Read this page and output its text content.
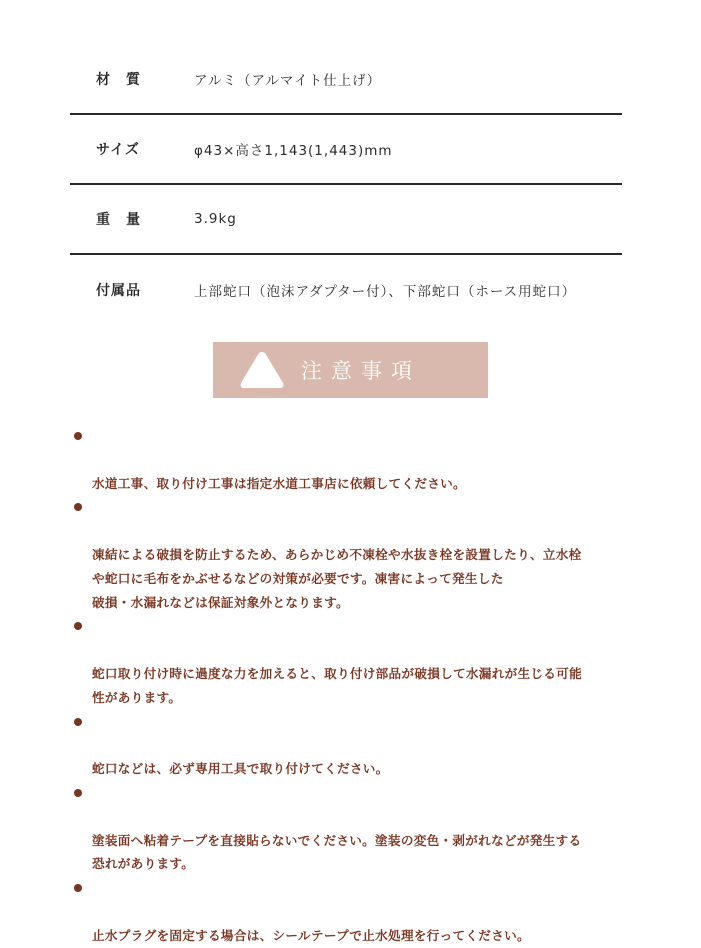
材　質	アルミ（アルマイト仕上げ）
サイズ	φ43×高さ1,143(1,443)mm
重　量	3.9kg
付属品	上部蛇口（泡沫アダプター付）、下部蛇口（ホース用蛇口）
注意事項

水道工事、取り付け工事は指定水道工事店に依頼してください。

凍結による破損を防止するため、あらかじめ不凍栓や水抜き栓を設置したり、立水栓
や蛇口に毛布をかぶせるなどの対策が必要です。凍害によって発生した
破損・水漏れなどは保証対象外となります。

蛇口取り付け時に過度な力を加えると、取り付け部品が破損して水漏れが生じる可能
性があります。

蛇口などは、必ず専用工具で取り付けてください。

塗装面へ粘着テープを直接貼らないでください。塗装の変色・剥がれなどが発生する
恐れがあります。

止水プラグを固定する場合は、シールテープで止水処理を行ってください。
